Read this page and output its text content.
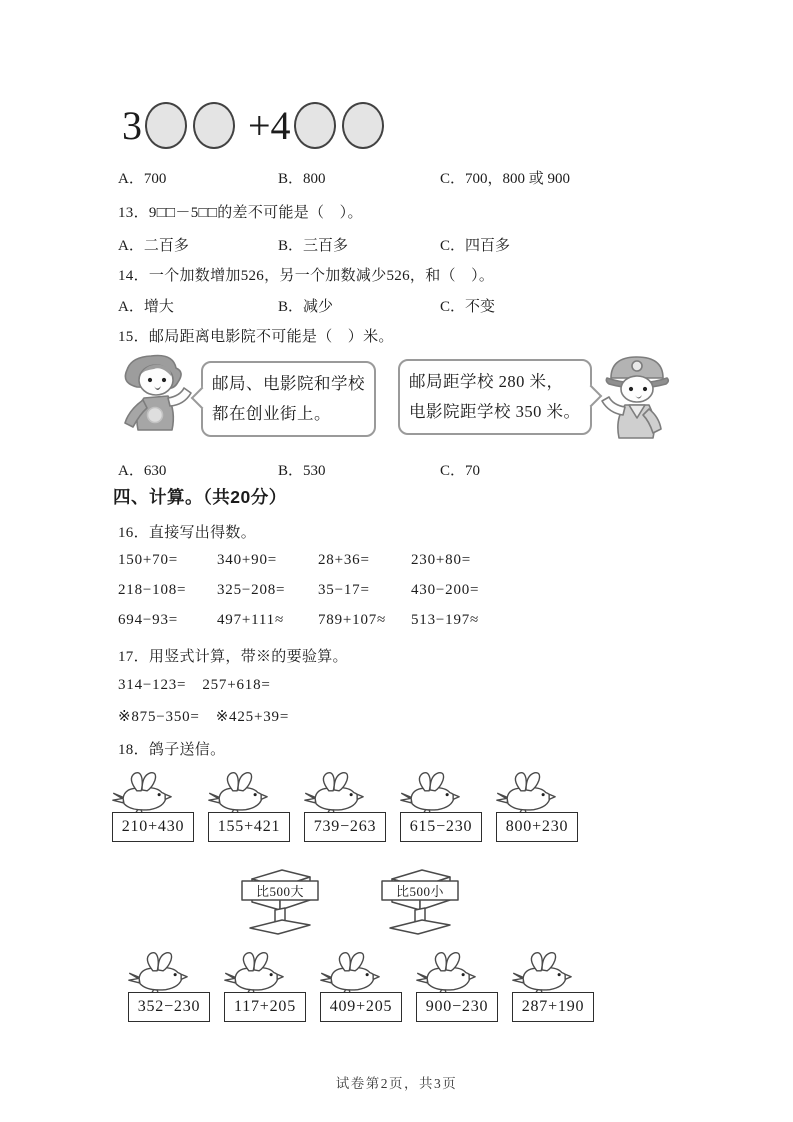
3	+4
A．700	B．800	C．700，800 或 900
13．9□□－5□□的差不可能是（　）。
A．二百多	B．三百多	C．四百多
14．一个加数增加526，另一个加数减少526，和（　）。
A．增大	B．减少	C．不变
15．邮局距离电影院不可能是（　）米。
邮局、电影院和学校
都在创业街上。
邮局距学校 280 米，
电影院距学校 350 米。
A．630	B．530	C．70
四、计算。（共20分）
16．直接写出得数。
150+70=	340+90=	28+36=	230+80=
218−108=	325−208=	35−17=	430−200=
694−93=	497+111≈	789+107≈	513−197≈
17．用竖式计算，带※的要验算。
314−123= 257+618=
※875−350= ※425+39=
18．鸽子送信。
210+430	155+421	739−263	615−230	800+230
比500大	比500小
352−230	117+205	409+205	900−230	287+190
试卷第2页，共3页
